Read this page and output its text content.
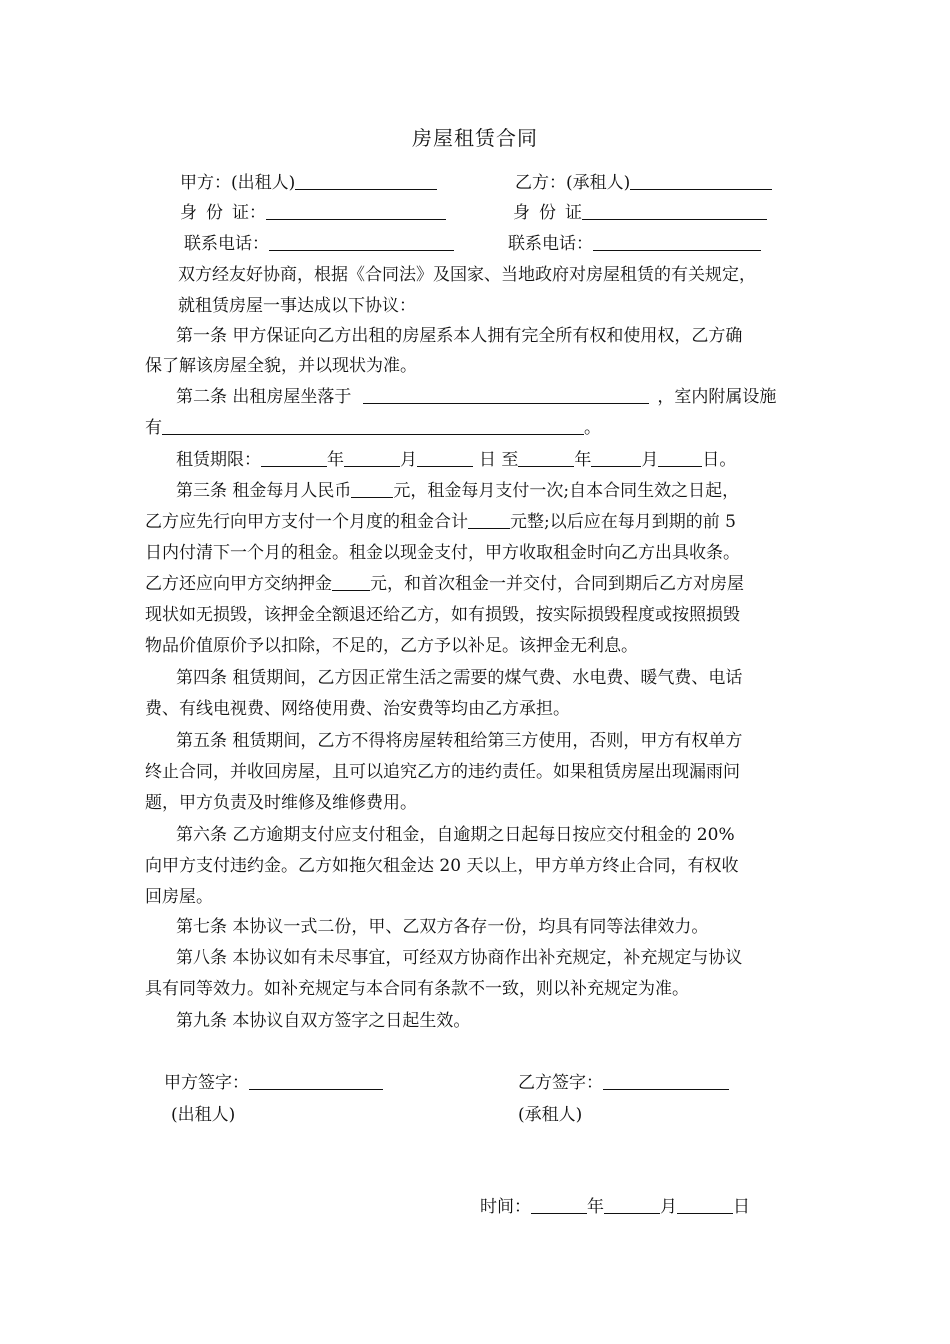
房屋租赁合同
甲方：(出租人)	乙方：(承租人)
身 份 证：	身 份 证
联系电话：	联系电话：
双方经友好协商，根据《合同法》及国家、当地政府对房屋租赁的有关规定，
就租赁房屋一事达成以下协议：
第一条 甲方保证向乙方出租的房屋系本人拥有完全所有权和使用权，乙方确
保了解该房屋全貌，并以现状为准。
第二条 出租房屋坐落于	，室内附属设施
有	。
租赁期限：	年	月	日 至	年	月	日。
第三条 租金每月人民币 元，租金每月支付一次;自本合同生效之日起，
乙方应先行向甲方支付一个月度的租金合计 元整;以后应在每月到期的前 5
日内付清下一个月的租金。租金以现金支付，甲方收取租金时向乙方出具收条。
乙方还应向甲方交纳押金 元，和首次租金一并交付，合同到期后乙方对房屋
现状如无损毁，该押金全额退还给乙方，如有损毁，按实际损毁程度或按照损毁
物品价值原价予以扣除，不足的，乙方予以补足。该押金无利息。
第四条 租赁期间，乙方因正常生活之需要的煤气费、水电费、暖气费、电话
费、有线电视费、网络使用费、治安费等均由乙方承担。
第五条 租赁期间，乙方不得将房屋转租给第三方使用，否则，甲方有权单方
终止合同，并收回房屋，且可以追究乙方的违约责任。如果租赁房屋出现漏雨问
题，甲方负责及时维修及维修费用。
第六条 乙方逾期支付应支付租金，自逾期之日起每日按应交付租金的 20%
向甲方支付违约金。乙方如拖欠租金达 20 天以上，甲方单方终止合同，有权收
回房屋。
第七条 本协议一式二份，甲、乙双方各存一份，均具有同等法律效力。
第八条 本协议如有未尽事宜，可经双方协商作出补充规定，补充规定与协议
具有同等效力。如补充规定与本合同有条款不一致，则以补充规定为准。
第九条 本协议自双方签字之日起生效。
甲方签字：	乙方签字：
(出租人)	(承租人)
时间：	年	月	日
